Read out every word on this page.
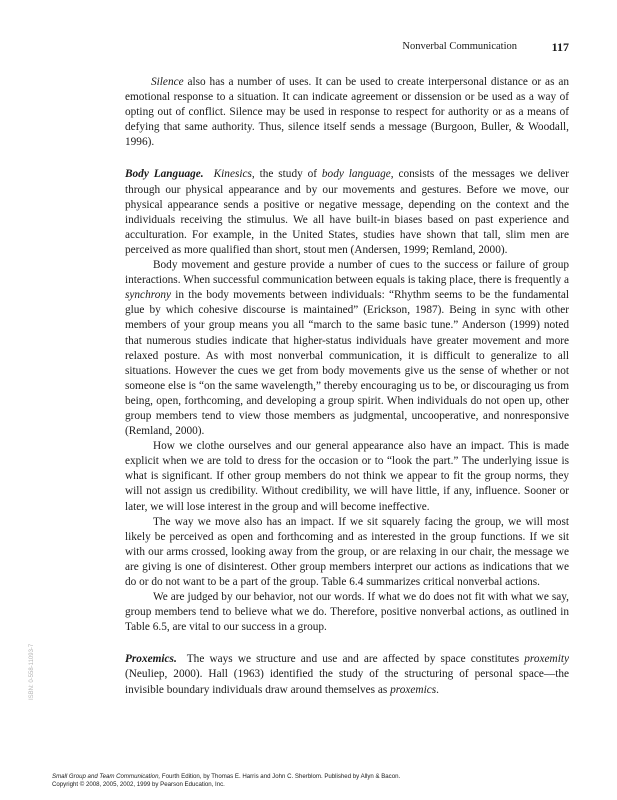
Nonverbal Communication	117

Silence also has a number of uses. It can be used to create interpersonal distance or as an emotional response to a situation. It can indicate agreement or dissension or be used as a way of opting out of conflict. Silence may be used in response to respect for authority or as a means of defying that same authority. Thus, silence itself sends a message (Burgoon, Buller, & Woodall, 1996).

Body Language. Kinesics, the study of body language, consists of the messages we deliver through our physical appearance and by our movements and gestures. Before we move, our physical appearance sends a positive or negative message, depending on the context and the individuals receiving the stimulus. We all have built-in biases based on past experience and acculturation. For example, in the United States, studies have shown that tall, slim men are perceived as more qualified than short, stout men (Andersen, 1999; Remland, 2000).

Body movement and gesture provide a number of cues to the success or failure of group interactions. When successful communication between equals is taking place, there is frequently a synchrony in the body movements between individuals: “Rhythm seems to be the fundamental glue by which cohesive discourse is maintained” (Erickson, 1987). Being in sync with other members of your group means you all “march to the same basic tune.” Anderson (1999) noted that numerous studies indicate that higher-status individuals have greater movement and more relaxed posture. As with most nonverbal communication, it is difficult to generalize to all situations. However the cues we get from body movements give us the sense of whether or not someone else is “on the same wavelength,” thereby encouraging us to be, or discouraging us from being, open, forthcoming, and developing a group spirit. When individuals do not open up, other group members tend to view those members as judgmental, uncooperative, and nonresponsive (Remland, 2000).

How we clothe ourselves and our general appearance also have an impact. This is made explicit when we are told to dress for the occasion or to “look the part.” The underlying issue is what is significant. If other group members do not think we appear to fit the group norms, they will not assign us credibility. Without credibility, we will have little, if any, influence. Sooner or later, we will lose interest in the group and will become ineffective.

The way we move also has an impact. If we sit squarely facing the group, we will most likely be perceived as open and forthcoming and as interested in the group functions. If we sit with our arms crossed, looking away from the group, or are relaxing in our chair, the message we are giving is one of disinterest. Other group members interpret our actions as indications that we do or do not want to be a part of the group. Table 6.4 summarizes critical nonverbal actions.

We are judged by our behavior, not our words. If what we do does not fit with what we say, group members tend to believe what we do. Therefore, positive nonverbal actions, as outlined in Table 6.5, are vital to our success in a group.

Proxemics. The ways we structure and use and are affected by space constitutes proxemity (Neuliep, 2000). Hall (1963) identified the study of the structuring of personal space—the invisible boundary individuals draw around themselves as proxemics.

ISBN: 0-558-11093-7
Small Group and Team Communication, Fourth Edition, by Thomas E. Harris and John C. Sherblom. Published by Allyn & Bacon.
Copyright © 2008, 2005, 2002, 1999 by Pearson Education, Inc.
